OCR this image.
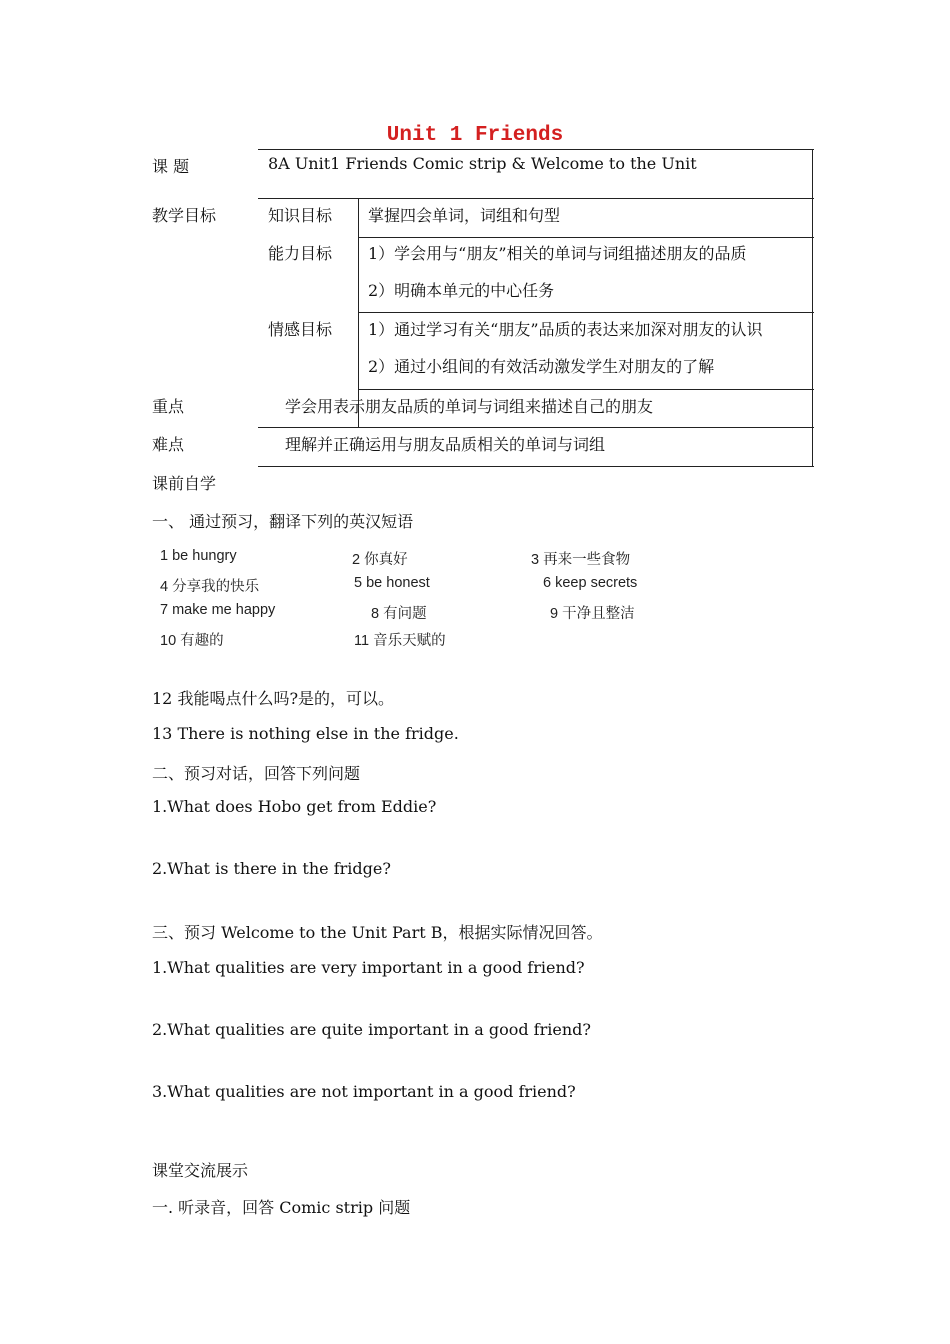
Unit 1 Friends
课 题	8A Unit1 Friends Comic strip & Welcome to the Unit
教学目标	知识目标 掌握四会单词，词组和句型
能力目标 1）学会用与“朋友”相关的单词与词组描述朋友的品质
2）明确本单元的中心任务
情感目标 1）通过学习有关“朋友”品质的表达来加深对朋友的认识
2）通过小组间的有效活动激发学生对朋友的了解
重点	学会用表示朋友品质的单词与词组来描述自己的朋友
难点	理解并正确运用与朋友品质相关的单词与词组
课前自学
一、 通过预习，翻译下列的英汉短语
1 be hungry	2 你真好	3 再来一些食物
4 分享我的快乐	5 be honest	6 keep secrets
7 make me happy	8 有问题	9 干净且整洁
10 有趣的	11 音乐天赋的
12 我能喝点什么吗?是的，可以。
13 There is nothing else in the fridge.
二、预习对话，回答下列问题
1.What does Hobo get from Eddie?
2.What is there in the fridge?
三、预习 Welcome to the Unit Part B，根据实际情况回答。
1.What qualities are very important in a good friend?
2.What qualities are quite important in a good friend?
3.What qualities are not important in a good friend?
课堂交流展示
一. 听录音，回答 Comic strip 问题
